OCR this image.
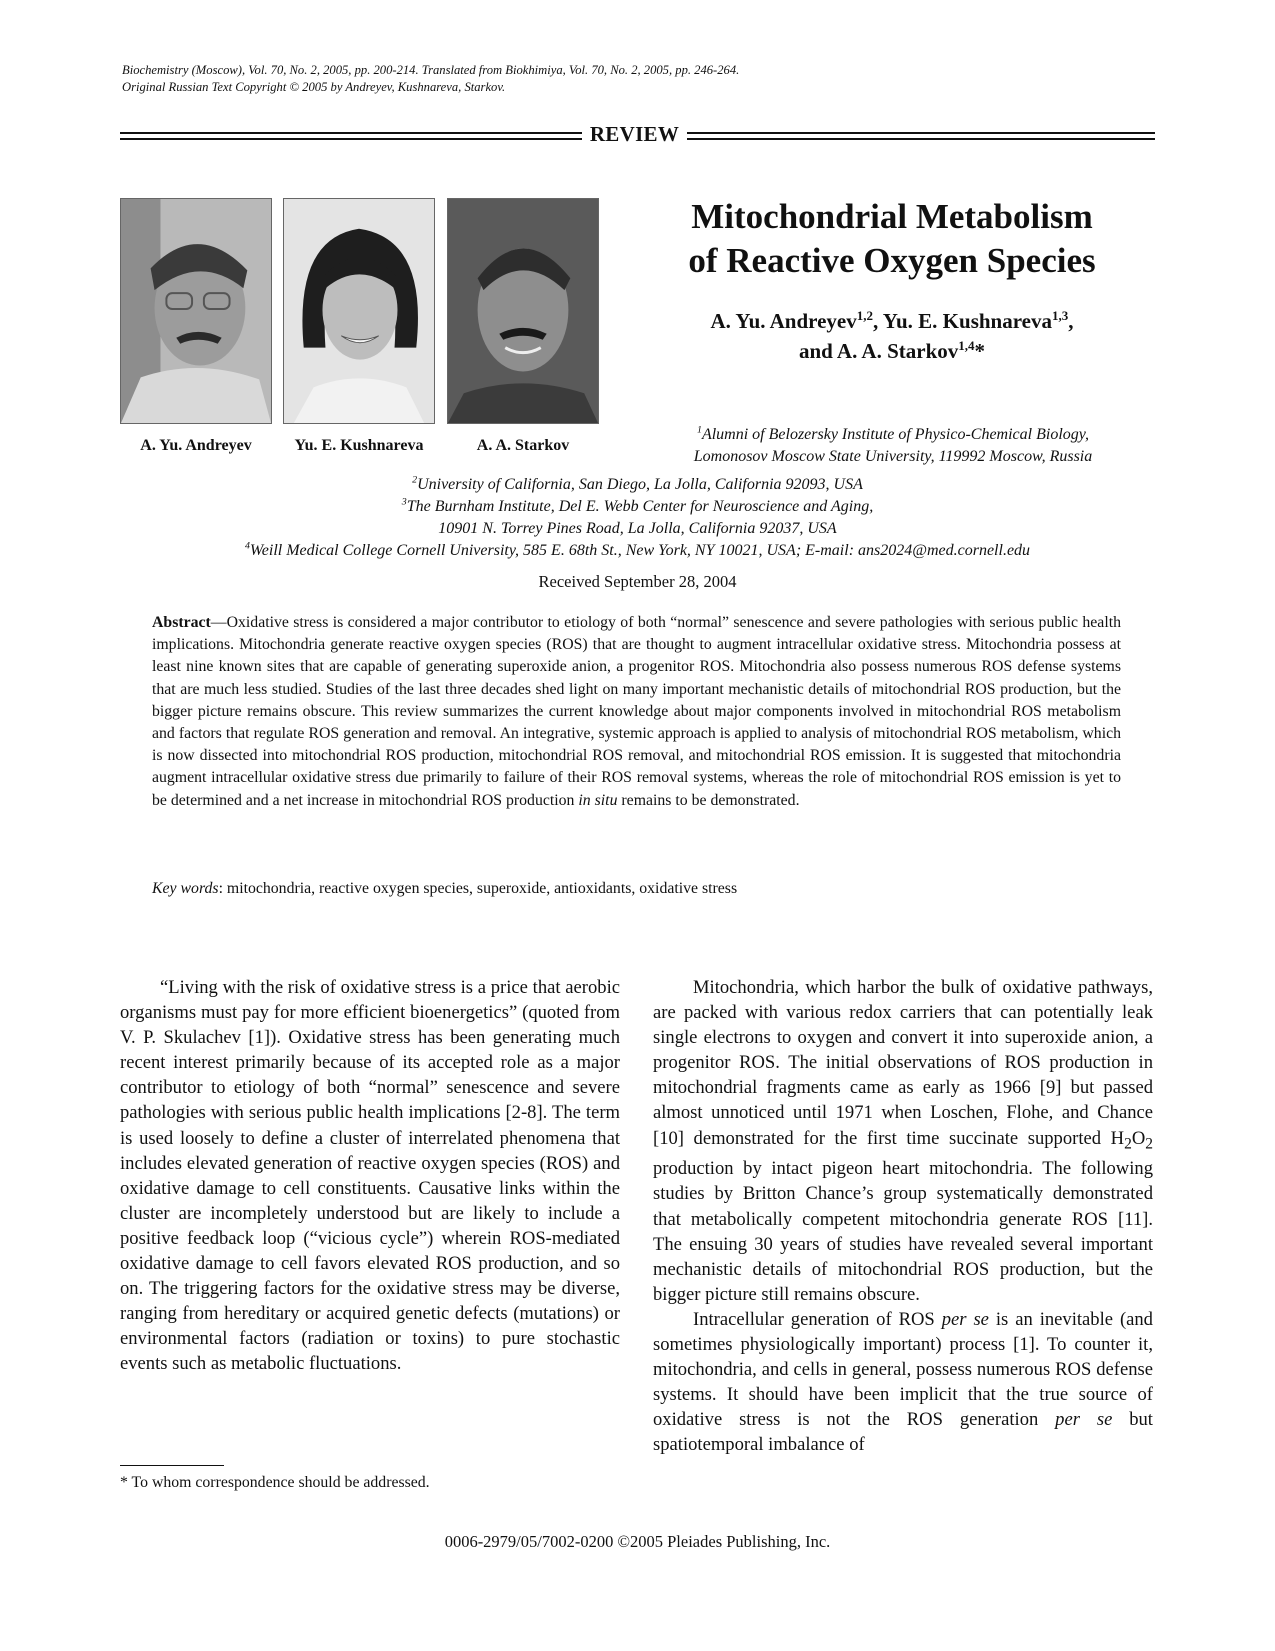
Biochemistry (Moscow), Vol. 70, No. 2, 2005, pp. 200-214. Translated from Biokhimiya, Vol. 70, No. 2, 2005, pp. 246-264.
Original Russian Text Copyright © 2005 by Andreyev, Kushnareva, Starkov.
REVIEW
A. Yu. Andreyev	Yu. E. Kushnareva	A. A. Starkov
Mitochondrial Metabolism
of Reactive Oxygen Species
A. Yu. Andreyev$^{1,2}$, Yu. E. Kushnareva$^{1,3}$,
and A. A. Starkov$^{1,4}$*
$^1$Alumni of Belozersky Institute of Physico-Chemical Biology,
Lomonosov Moscow State University, 119992 Moscow, Russia
$^2$University of California, San Diego, La Jolla, California 92093, USA
$^3$The Burnham Institute, Del E. Webb Center for Neuroscience and Aging,
10901 N. Torrey Pines Road, La Jolla, California 92037, USA
$^4$Weill Medical College Cornell University, 585 E. 68th St., New York, NY 10021, USA; E-mail: ans2024@med.cornell.edu
Received September 28, 2004
Abstract—Oxidative stress is considered a major contributor to etiology of both “normal” senescence and severe pathologies with serious public health implications. Mitochondria generate reactive oxygen species (ROS) that are thought to augment intracellular oxidative stress. Mitochondria possess at least nine known sites that are capable of generating superoxide anion, a progenitor ROS. Mitochondria also possess numerous ROS defense systems that are much less studied. Studies of the last three decades shed light on many important mechanistic details of mitochondrial ROS production, but the bigger picture remains obscure. This review summarizes the current knowledge about major components involved in mitochondrial ROS metabolism and factors that regulate ROS generation and removal. An integrative, systemic approach is applied to analysis of mitochondrial ROS metabolism, which is now dissected into mitochondrial ROS production, mitochondrial ROS removal, and mitochondrial ROS emission. It is suggested that mitochondria augment intracellular oxidative stress due primarily to failure of their ROS removal systems, whereas the role of mitochondrial ROS emission is yet to be determined and a net increase in mitochondrial ROS production in situ remains to be demonstrated.
Key words: mitochondria, reactive oxygen species, superoxide, antioxidants, oxidative stress

“Living with the risk of oxidative stress is a price that aerobic organisms must pay for more efficient bioenergetics” (quoted from V. P. Skulachev [1]). Oxidative stress has been generating much recent interest primarily because of its accepted role as a major contributor to etiology of both “normal” senescence and severe pathologies with serious public health implications [2-8]. The term is used loosely to define a cluster of interrelated phenomena that includes elevated generation of reactive oxygen species (ROS) and oxidative damage to cell constituents. Causative links within the cluster are incompletely understood but are likely to include a positive feedback loop (“vicious cycle”) wherein ROS-mediated oxidative damage to cell favors elevated ROS production, and so on. The triggering factors for the oxidative stress may be diverse, ranging from hereditary or acquired genetic defects (mutations) or environmental factors (radiation or toxins) to pure stochastic events such as metabolic fluctuations.

Mitochondria, which harbor the bulk of oxidative pathways, are packed with various redox carriers that can potentially leak single electrons to oxygen and convert it into superoxide anion, a progenitor ROS. The initial observations of ROS production in mitochondrial fragments came as early as 1966 [9] but passed almost unnoticed until 1971 when Loschen, Flohe, and Chance [10] demonstrated for the first time succinate supported $H_2O_2$ production by intact pigeon heart mitochondria. The following studies by Britton Chance’s group systematically demonstrated that metabolically competent mitochondria generate ROS [11]. The ensuing 30 years of studies have revealed several important mechanistic details of mitochondrial ROS production, but the bigger picture still remains obscure.

Intracellular generation of ROS per se is an inevitable (and sometimes physiologically important) process [1]. To counter it, mitochondria, and cells in general, possess numerous ROS defense systems. It should have been implicit that the true source of oxidative stress is not the ROS generation per se but spatiotemporal imbalance of

* To whom correspondence should be addressed.
0006-2979/05/7002-0200 ©2005 Pleiades Publishing, Inc.
